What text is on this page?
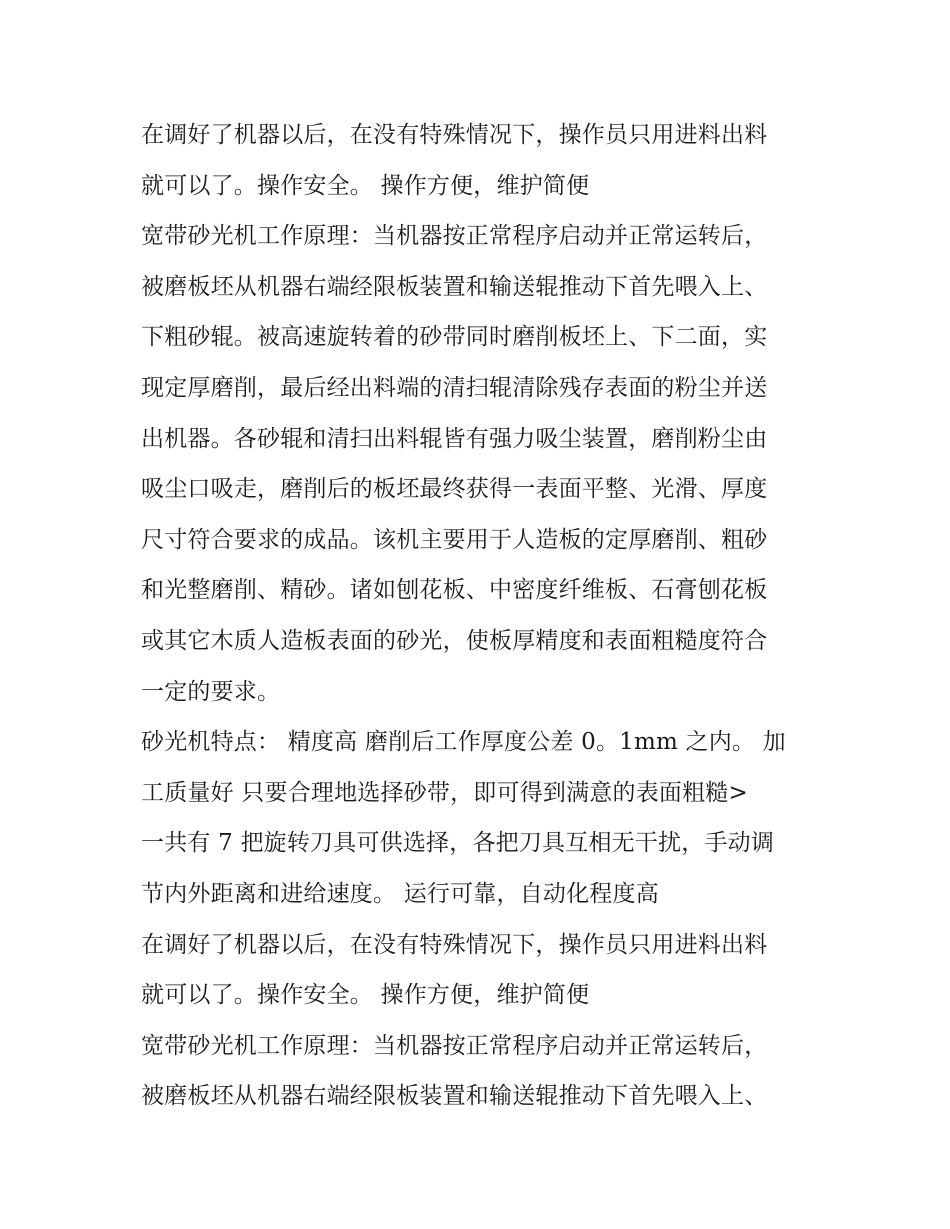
在调好了机器以后，在没有特殊情况下，操作员只用进料出料
就可以了。操作安全。 操作方便，维护简便
宽带砂光机工作原理：当机器按正常程序启动并正常运转后，
被磨板坯从机器右端经限板装置和输送辊推动下首先喂入上、
下粗砂辊。被高速旋转着的砂带同时磨削板坯上、下二面，实
现定厚磨削，最后经出料端的清扫辊清除残存表面的粉尘并送
出机器。各砂辊和清扫出料辊皆有强力吸尘装置，磨削粉尘由
吸尘口吸走，磨削后的板坯最终获得一表面平整、光滑、厚度
尺寸符合要求的成品。该机主要用于人造板的定厚磨削、粗砂
和光整磨削、精砂。诸如刨花板、中密度纤维板、石膏刨花板
或其它木质人造板表面的砂光，使板厚精度和表面粗糙度符合
一定的要求。
砂光机特点： 精度高 磨削后工作厚度公差 0。1mm 之内。 加
工质量好 只要合理地选择砂带，即可得到满意的表面粗糙>
一共有 7 把旋转刀具可供选择，各把刀具互相无干扰，手动调
节内外距离和进给速度。 运行可靠，自动化程度高
在调好了机器以后，在没有特殊情况下，操作员只用进料出料
就可以了。操作安全。 操作方便，维护简便
宽带砂光机工作原理：当机器按正常程序启动并正常运转后，
被磨板坯从机器右端经限板装置和输送辊推动下首先喂入上、
